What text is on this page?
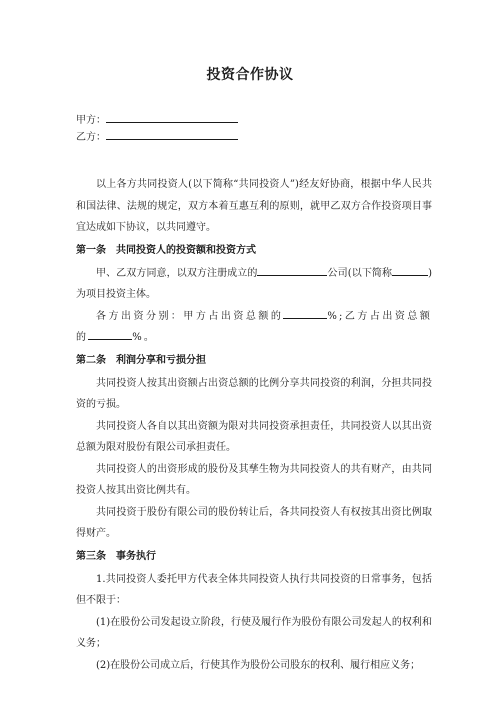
投资合作协议
甲方：
乙方：

以上各方共同投资人(以下简称“共同投资人”)经友好协商，根据中华人民共和国法律、法规的规定，双方本着互惠互利的原则，就甲乙双方合作投资项目事宜达成如下协议，以共同遵守。

第一条　共同投资人的投资额和投资方式

甲、乙双方同意，以双方注册成立的	公司(以下简称	)为项目投资主体。

各方出资分别：甲方占出资总额的	%;乙方占出资总额的	%。

第二条　利润分享和亏损分担

共同投资人按其出资额占出资总额的比例分享共同投资的利润，分担共同投资的亏损。

共同投资人各自以其出资额为限对共同投资承担责任，共同投资人以其出资总额为限对股份有限公司承担责任。

共同投资人的出资形成的股份及其孳生物为共同投资人的共有财产，由共同投资人按其出资比例共有。

共同投资于股份有限公司的股份转让后，各共同投资人有权按其出资比例取得财产。

第三条　事务执行

1.共同投资人委托甲方代表全体共同投资人执行共同投资的日常事务，包括但不限于：

(1)在股份公司发起设立阶段，行使及履行作为股份有限公司发起人的权利和义务；

(2)在股份公司成立后，行使其作为股份公司股东的权利、履行相应义务；
